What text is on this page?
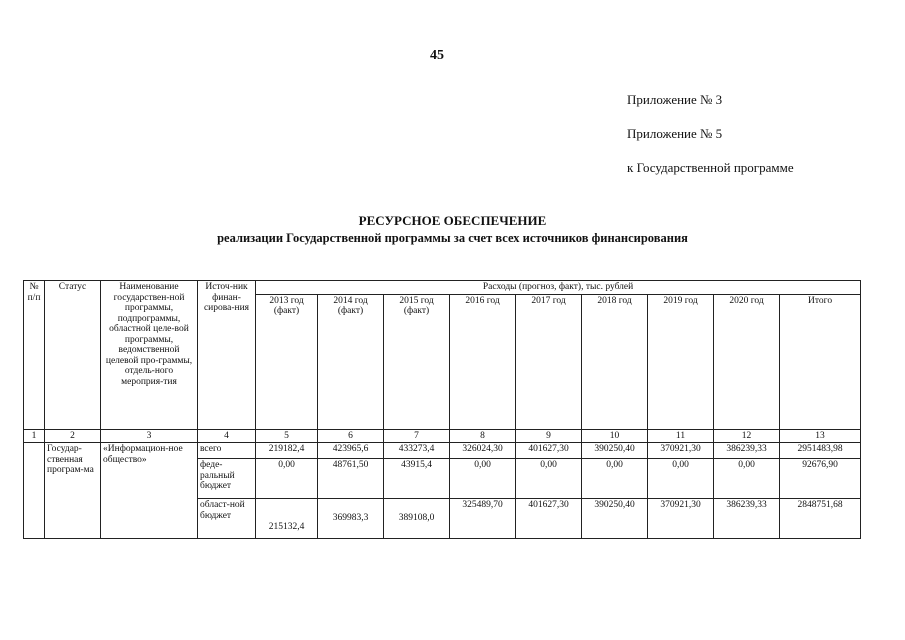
45
Приложение № 3
Приложение № 5
к Государственной программе
РЕСУРСНОЕ ОБЕСПЕЧЕНИЕ
реализации Государственной программы за счет всех источников финансирования
№ п/п	Статус	Наименование государствен-ной программы, подпрограммы, областной целе-вой программы, ведомственной целевой про-граммы, отдель-ного мероприя-тия	Источ-ник финан-сирова-ния	Расходы (прогноз, факт), тыс. рублей								
				2013 год (факт)	2014 год (факт)	2015 год (факт)	2016 год	2017 год	2018 год	2019 год	2020 год	Итого
1	2	3	4	5	6	7	8	9	10	11	12	13
	Государ-ственная програм-ма	«Информацион-ное общество»	всего	219182,4	423965,6	433273,4	326024,30	401627,30	390250,40	370921,30	386239,33	2951483,98
			феде-ральный бюджет	0,00	48761,50	43915,4	0,00	0,00	0,00	0,00	0,00	92676,90
			област-ной бюджет	215132,4	369983,3	389108,0	325489,70	401627,30	390250,40	370921,30	386239,33	2848751,68
